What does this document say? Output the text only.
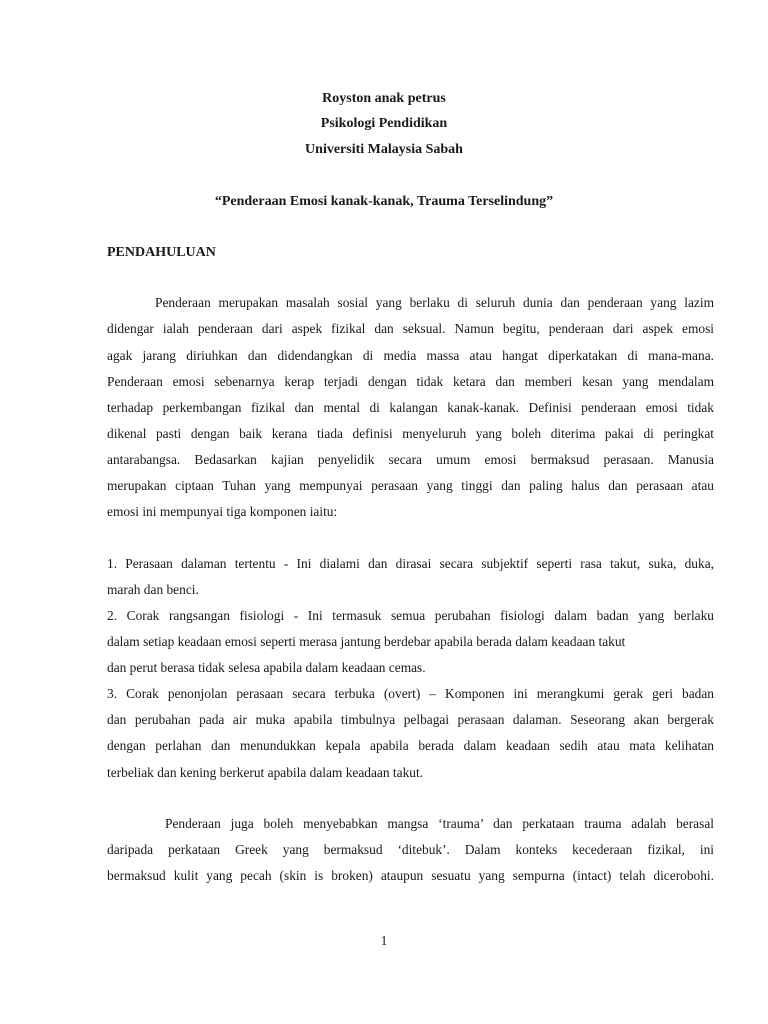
Royston anak petrus
Psikologi Pendidikan
Universiti Malaysia Sabah
“Penderaan Emosi kanak-kanak, Trauma Terselindung”
PENDAHULUAN
Penderaan merupakan masalah sosial yang berlaku di seluruh dunia dan penderaan yang lazim
didengar ialah penderaan dari aspek fizikal dan seksual. Namun begitu, penderaan dari aspek emosi
agak jarang diriuhkan dan didendangkan di media massa atau hangat diperkatakan di mana-mana.
Penderaan emosi sebenarnya kerap terjadi dengan tidak ketara dan memberi kesan yang mendalam
terhadap perkembangan fizikal dan mental di kalangan kanak-kanak. Definisi penderaan emosi tidak
dikenal pasti dengan baik kerana tiada definisi menyeluruh yang boleh diterima pakai di peringkat
antarabangsa. Bedasarkan kajian penyelidik secara umum emosi bermaksud perasaan. Manusia
merupakan ciptaan Tuhan yang mempunyai perasaan yang tinggi dan paling halus dan perasaan atau
emosi ini mempunyai tiga komponen iaitu:
1. Perasaan dalaman tertentu - Ini dialami dan dirasai secara subjektif seperti rasa takut, suka, duka,
marah dan benci.
2. Corak rangsangan fisiologi - Ini termasuk semua perubahan fisiologi dalam badan yang berlaku
dalam setiap keadaan emosi seperti merasa jantung berdebar apabila berada dalam keadaan takut
dan perut berasa tidak selesa apabila dalam keadaan cemas.
3. Corak penonjolan perasaan secara terbuka (overt) – Komponen ini merangkumi gerak geri badan
dan perubahan pada air muka apabila timbulnya pelbagai perasaan dalaman. Seseorang akan bergerak
dengan perlahan dan menundukkan kepala apabila berada dalam keadaan sedih atau mata kelihatan
terbeliak dan kening berkerut apabila dalam keadaan takut.
Penderaan juga boleh menyebabkan mangsa ‘trauma’ dan perkataan trauma adalah berasal
daripada perkataan Greek yang bermaksud ‘ditebuk’. Dalam konteks kecederaan fizikal, ini
bermaksud kulit yang pecah (skin is broken) ataupun sesuatu yang sempurna (intact) telah dicerobohi.
1
